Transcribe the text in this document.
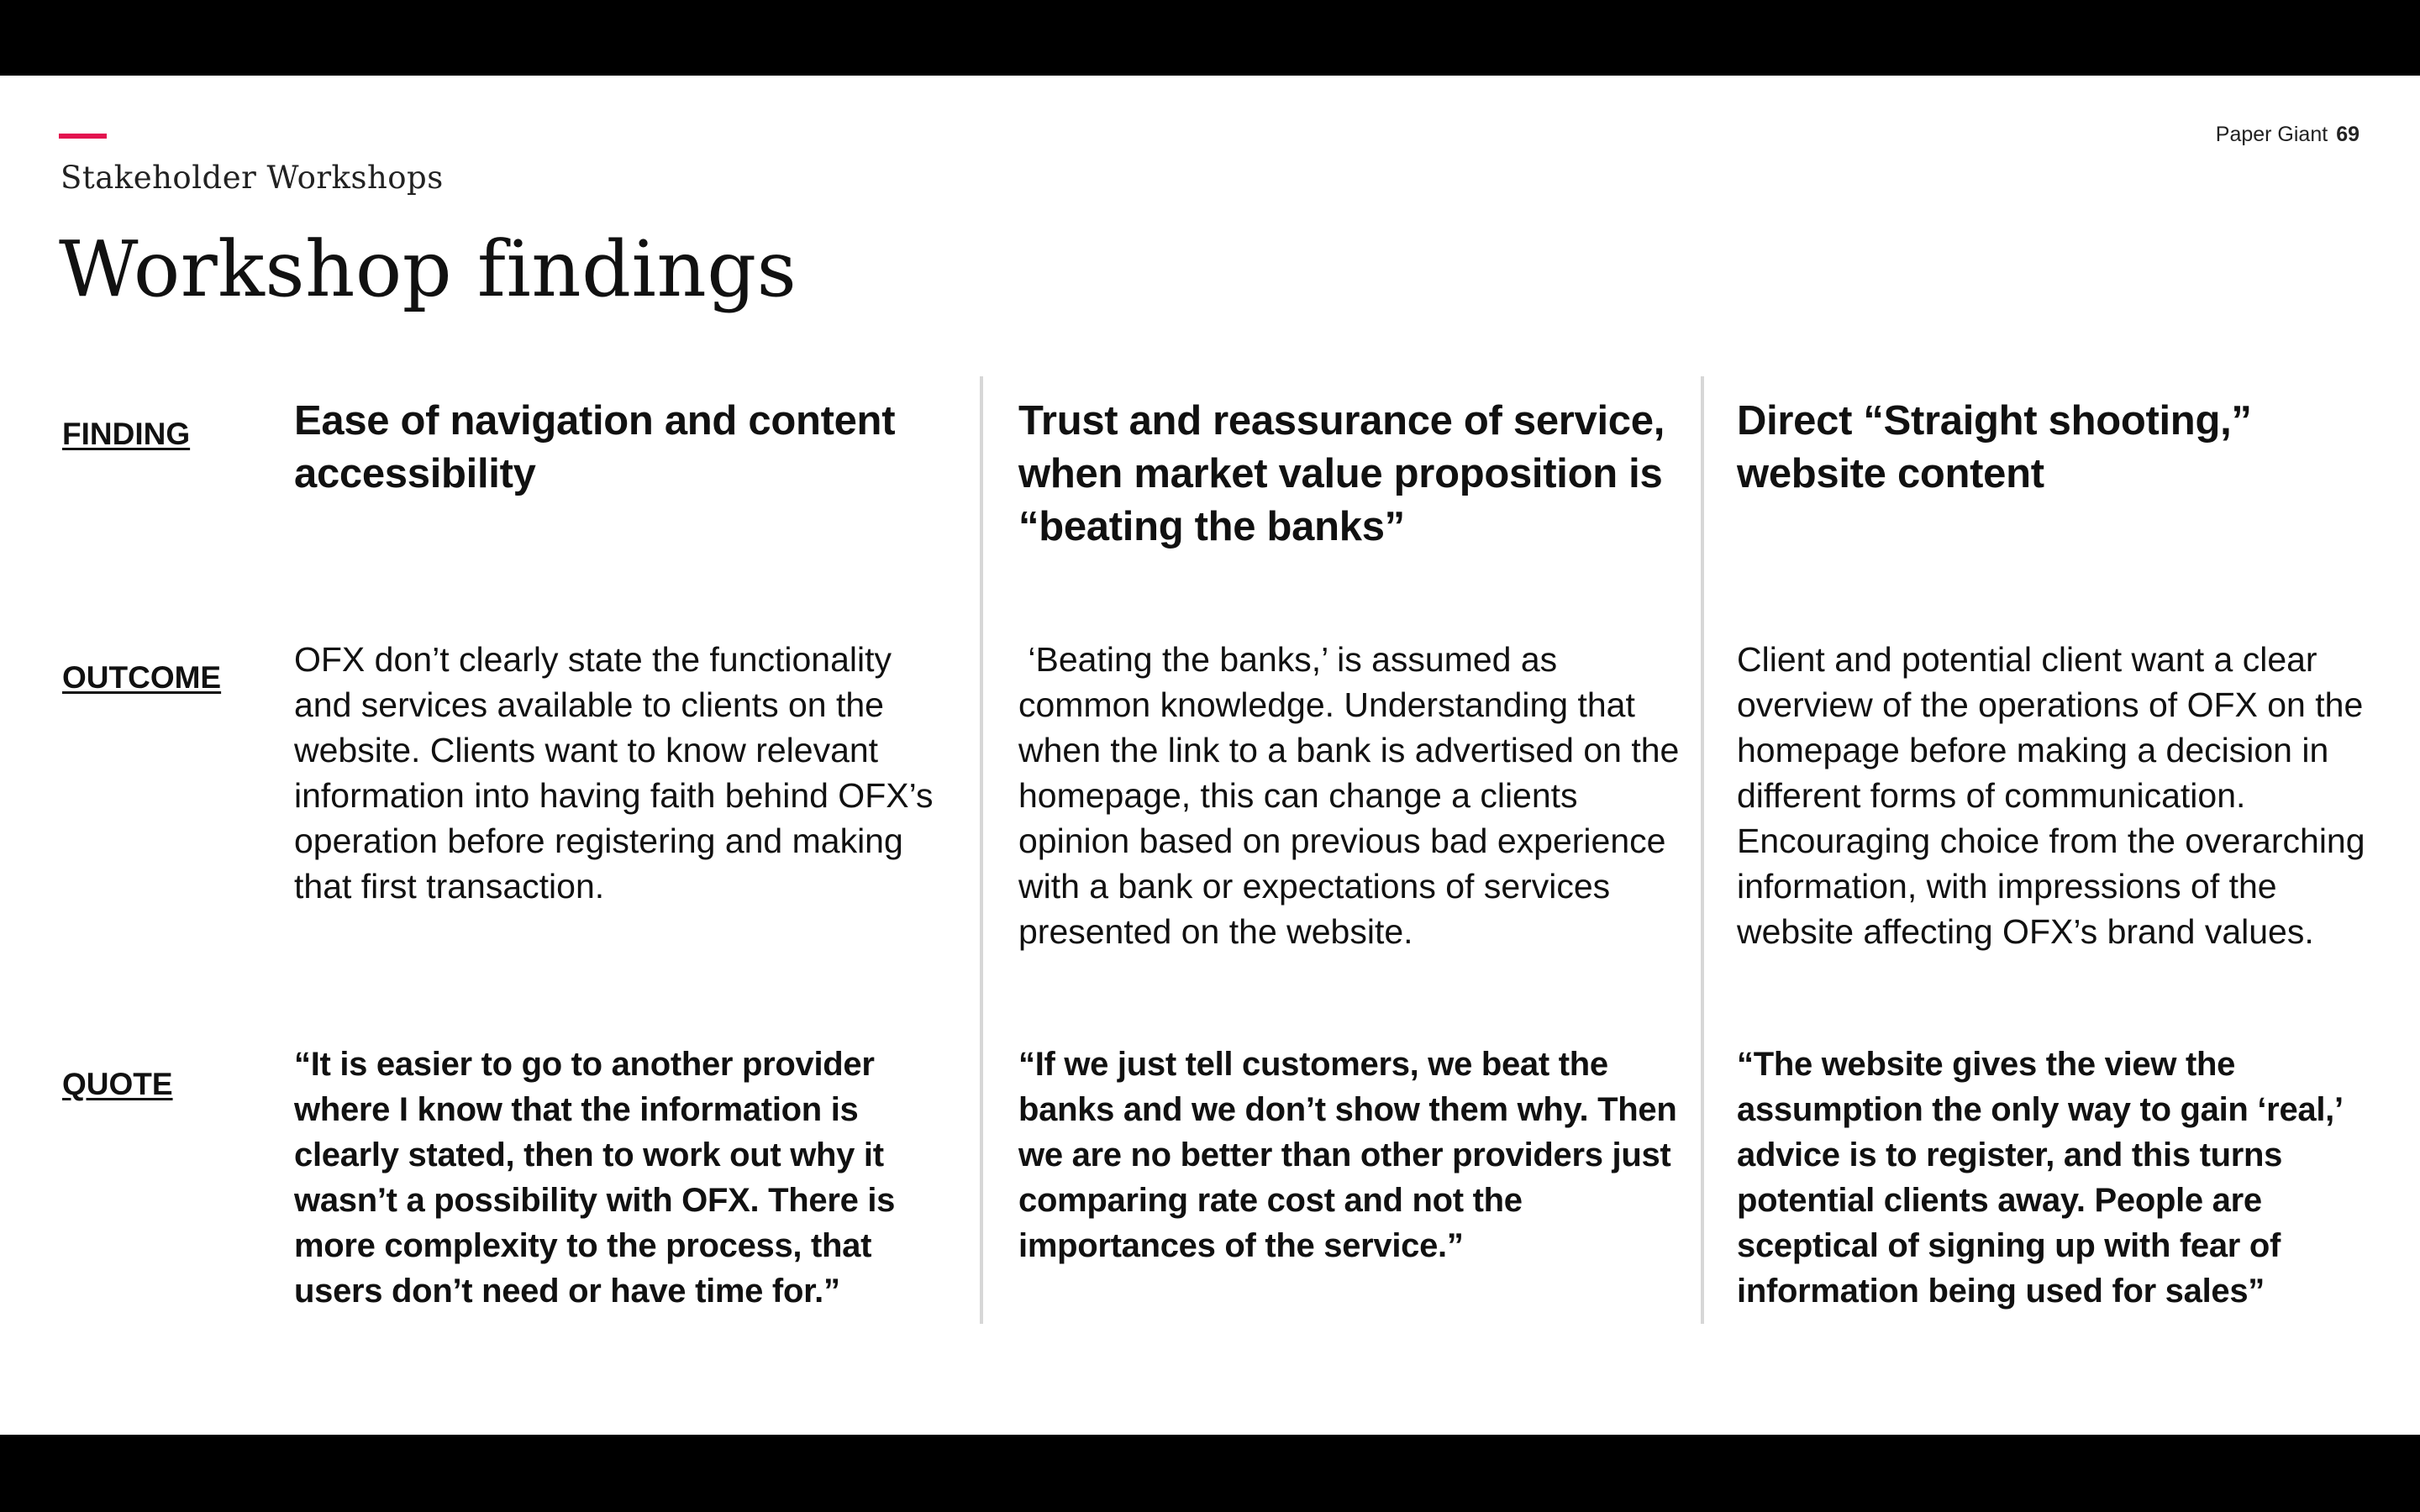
Stakeholder Workshops
Workshop findings
Paper Giant 69
FINDING
OUTCOME
QUOTE
Ease of navigation and content accessibility
Trust and reassurance of service, when market value proposition is “beating the banks”
Direct “Straight shooting,” website content
OFX don’t clearly state the functionality and services available to clients on the website. Clients want to know relevant information into having faith behind OFX’s operation before registering and making that first transaction.
‘Beating the banks,’ is assumed as common knowledge. Understanding that when the link to a bank is advertised on the homepage, this can change a clients opinion based on previous bad experience with a bank or expectations of services presented on the website.
Client and potential client want a clear overview of the operations of OFX on the homepage before making a decision in different forms of communication. Encouraging choice from the overarching information, with impressions of the website affecting OFX’s brand values.
“It is easier to go to another provider where I know that the information is clearly stated, then to work out why it wasn’t a possibility with OFX. There is more complexity to the process, that users don’t need or have time for.”
“If we just tell customers, we beat the banks and we don’t show them why. Then we are no better than other providers just comparing rate cost and not the importances of the service.”
“The website gives the view the assumption the only way to gain ‘real,’ advice is to register, and this turns potential clients away. People are sceptical of signing up with fear of information being used for sales”
